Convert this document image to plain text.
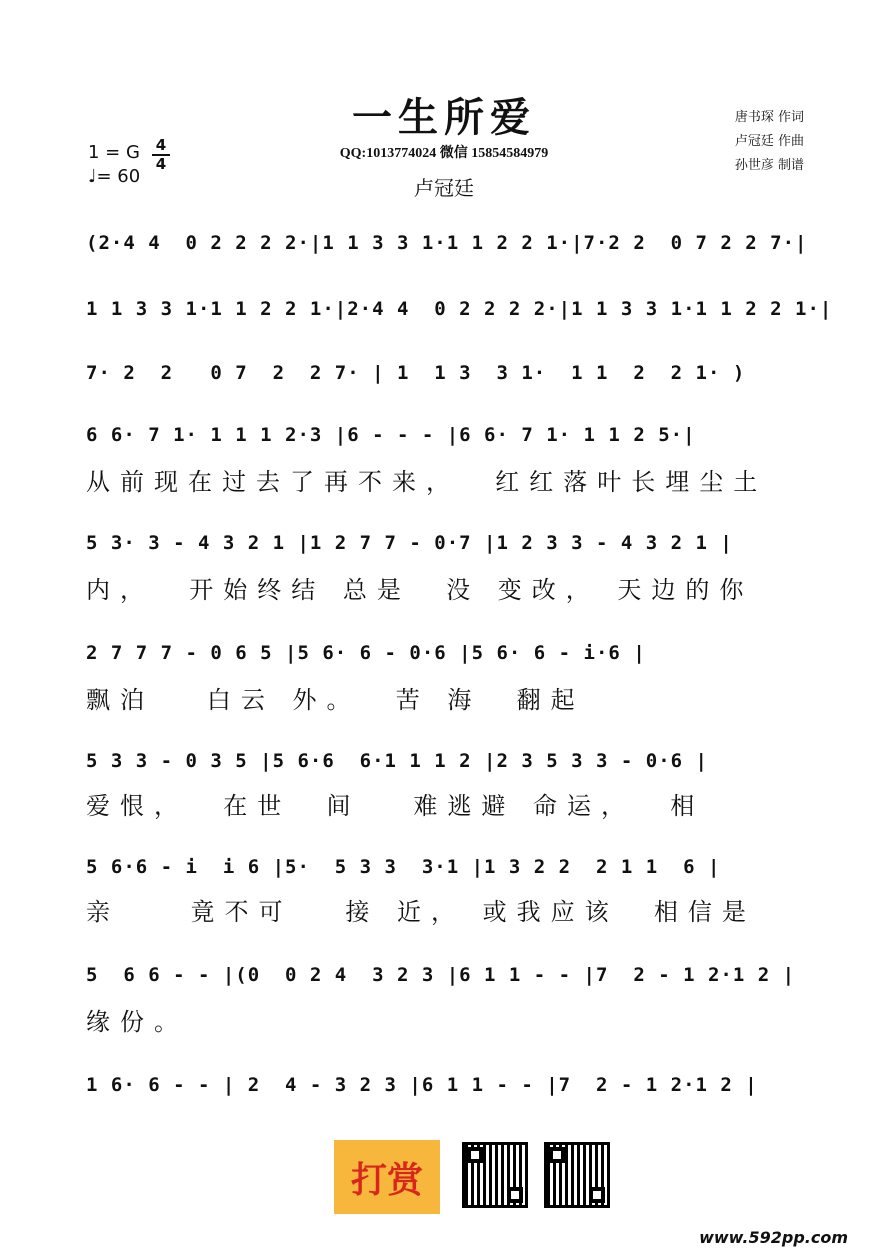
一生所爱
QQ:1013774024 微信 15854584979
卢冠廷
唐书琛 作词
卢冠廷 作曲
孙世彦 制谱
1 = G 4
4
♩= 60
(2·4 4  0 2 2 2 2·|1 1 3 3 1·1 1 2 2 1·|7·2 2  0 7 2 2 7·|
1 1 3 3 1·1 1 2 2 1·|2·4 4  0 2 2 2 2·|1 1 3 3 1·1 1 2 2 1·|
7· 2  2   0 7  2  2 7· | 1  1 3  3 1·  1 1  2  2 1· )
6 6· 7 1· 1 1 1 2·3 |6 - - - |6 6· 7 1· 1 1 2 5·|
从前现在过去了再不来，  红红落叶长埋尘土
5 3· 3 - 4 3 2 1 |1 2 7 7 - 0·7 |1 2 3 3 - 4 3 2 1 |
内，  开始终结 总是  没 变改， 天边的你
2 7 7 7 - 0 6 5 |5 6· 6 - 0·6 |5 6· 6 - i·6 |
飘泊   白云 外。  苦 海  翻起
5 3 3 - 0 3 5 |5 6·6  6·1 1 1 2 |2 3 5 3 3 - 0·6 |
爱恨，  在世  间   难逃避 命运，  相
5 6·6 - i  i 6 |5·  5 3 3  3·1 |1 3 2 2  2 1 1  6 |
亲    竟不可   接 近， 或我应该  相信是
5  6 6 - - |(0  0 2 4  3 2 3 |6 1 1 - - |7  2 - 1 2·1 2 |
缘份。
1 6· 6 - - | 2  4 - 3 2 3 |6 1 1 - - |7  2 - 1 2·1 2 |
打赏
www.592pp.com
